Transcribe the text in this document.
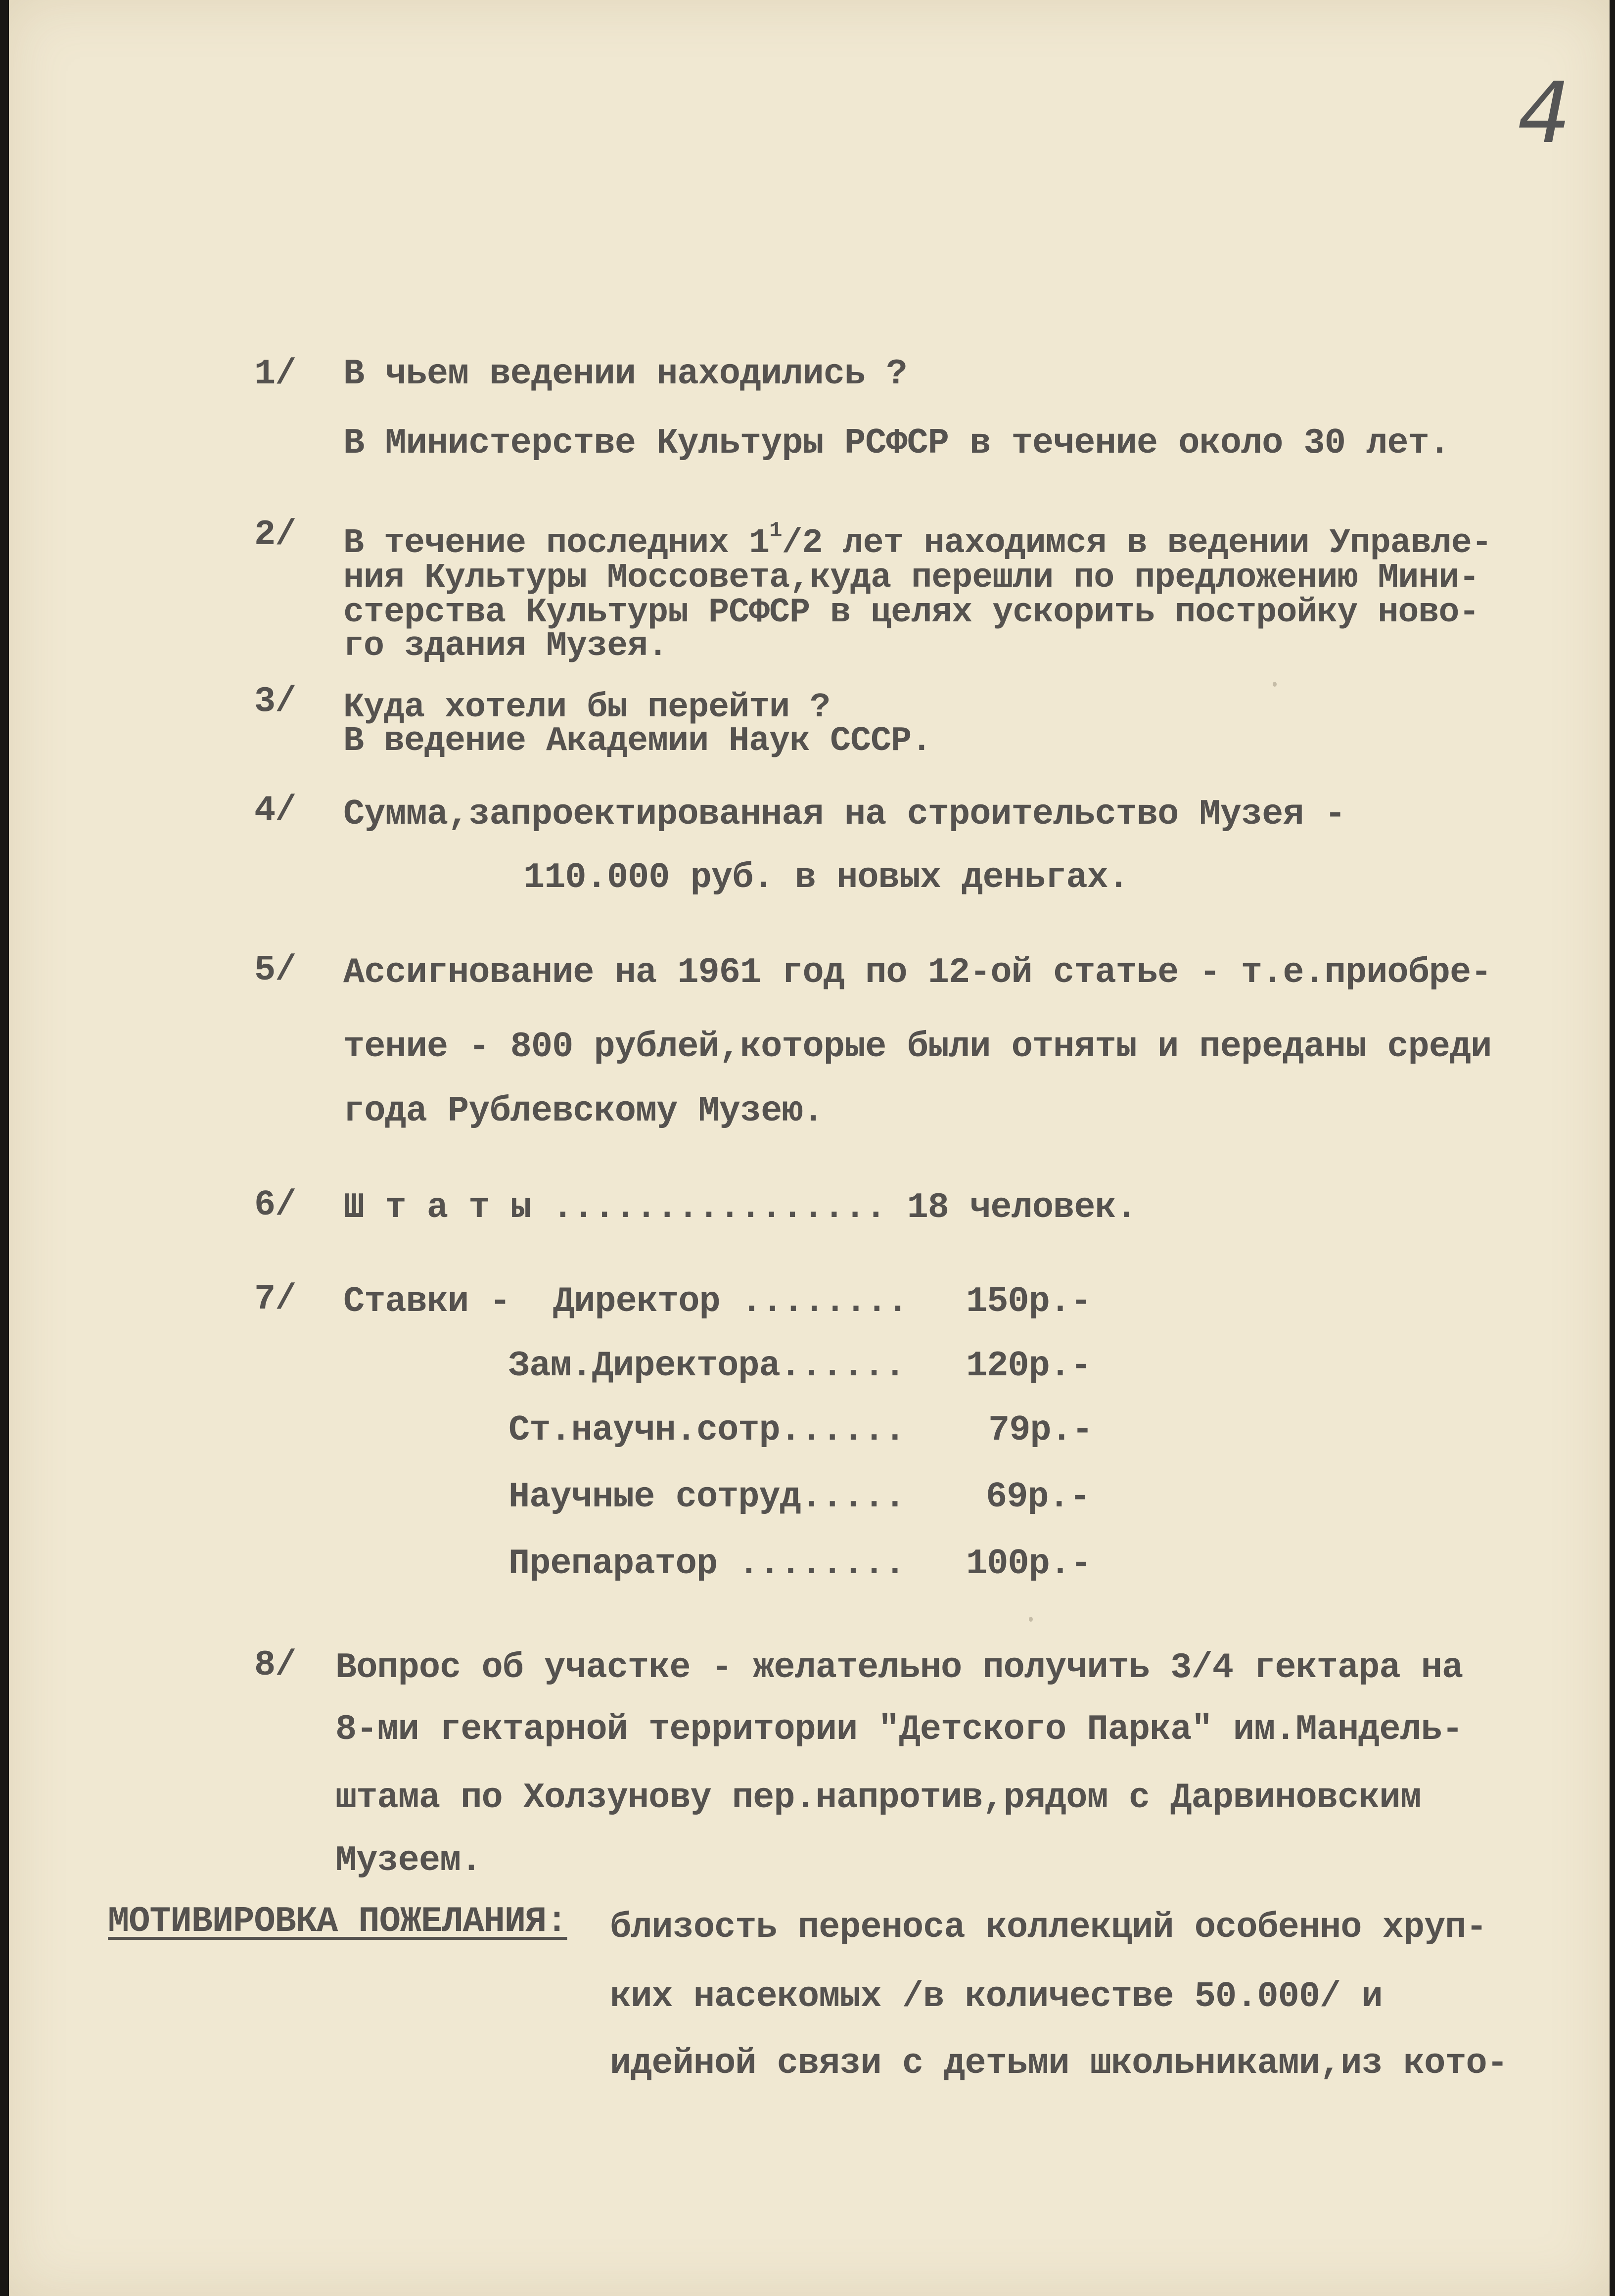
4
1/ В чьем ведении находились ?
В Министерстве Культуры РСФСР в течение около 30 лет.
2/ В течение последних $1^1/2$ лет находимся в ведении Управле-
ния Культуры Моссовета,куда перешли по предложению Мини-
стерства Культуры РСФСР в целях ускорить постройку ново-
го здания Музея.
3/ Куда хотели бы перейти ?
В ведение Академии Наук СССР.
4/ Сумма,запроектированная на строительство Музея -
110.000 руб. в новых деньгах.
5/ Ассигнование на 1961 год по 12-ой статье - т.е.приобре-
тение - 800 рублей,которые были отняты и переданы среди
года Рублевскому Музею.
6/ Ш т а т ы ................ 18 человек.
7/ Ставки - Директор ........ 150р.-
Зам.Директора...... 120р.-
Ст.научн.сотр...... 79р.-
Научные сотруд..... 69р.-
Препаратор ........ 100р.-
8/ Вопрос об участке - желательно получить 3/4 гектара на
8-ми гектарной территории "Детского Парка" им.Мандель-
штама по Холзунову пер.напротив,рядом с Дарвиновским
Музеем.
МОТИВИРОВКА ПОЖЕЛАНИЯ: близость переноса коллекций особенно хруп-
ких насекомых /в количестве 50.000/ и
идейной связи с детьми школьниками,из кото-
